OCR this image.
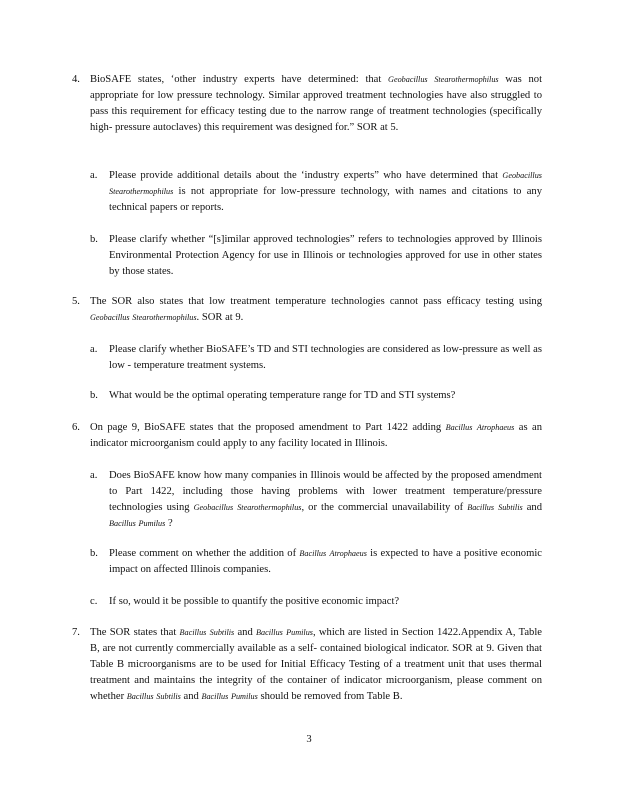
4. BioSAFE states, ‘other industry experts have determined: that Geobacillus Stearothermophilus was not appropriate for low pressure technology. Similar approved treatment technologies have also struggled to pass this requirement for efficacy testing due to the narrow range of treatment technologies (specifically high- pressure autoclaves) this requirement was designed for.” SOR at 5.
a. Please provide additional details about the ‘industry experts” who have determined that Geobacillus Stearothermophilus is not appropriate for low-pressure technology, with names and citations to any technical papers or reports.
b. Please clarify whether “[s]imilar approved technologies” refers to technologies approved by Illinois Environmental Protection Agency for use in Illinois or technologies approved for use in other states by those states.
5. The SOR also states that low treatment temperature technologies cannot pass efficacy testing using Geobacillus Stearothermophilus. SOR at 9.
a. Please clarify whether BioSAFE’s TD and STI technologies are considered as low-pressure as well as low - temperature treatment systems.
b. What would be the optimal operating temperature range for TD and STI systems?
6. On page 9, BioSAFE states that the proposed amendment to Part 1422 adding Bacillus Atrophaeus as an indicator microorganism could apply to any facility located in Illinois.
a. Does BioSAFE know how many companies in Illinois would be affected by the proposed amendment to Part 1422, including those having problems with lower treatment temperature/pressure technologies using Geobacillus Stearothermophilus, or the commercial unavailability of Bacillus Subtilis and Bacillus Pumilus ?
b. Please comment on whether the addition of Bacillus Atrophaeus is expected to have a positive economic impact on affected Illinois companies.
c. If so, would it be possible to quantify the positive economic impact?
7. The SOR states that Bacillus Subtilis and Bacillus Pumilus, which are listed in Section 1422.Appendix A, Table B, are not currently commercially available as a self- contained biological indicator. SOR at 9. Given that Table B microorganisms are to be used for Initial Efficacy Testing of a treatment unit that uses thermal treatment and maintains the integrity of the container of indicator microorganism, please comment on whether Bacillus Subtilis and Bacillus Pumilus should be removed from Table B.
3
